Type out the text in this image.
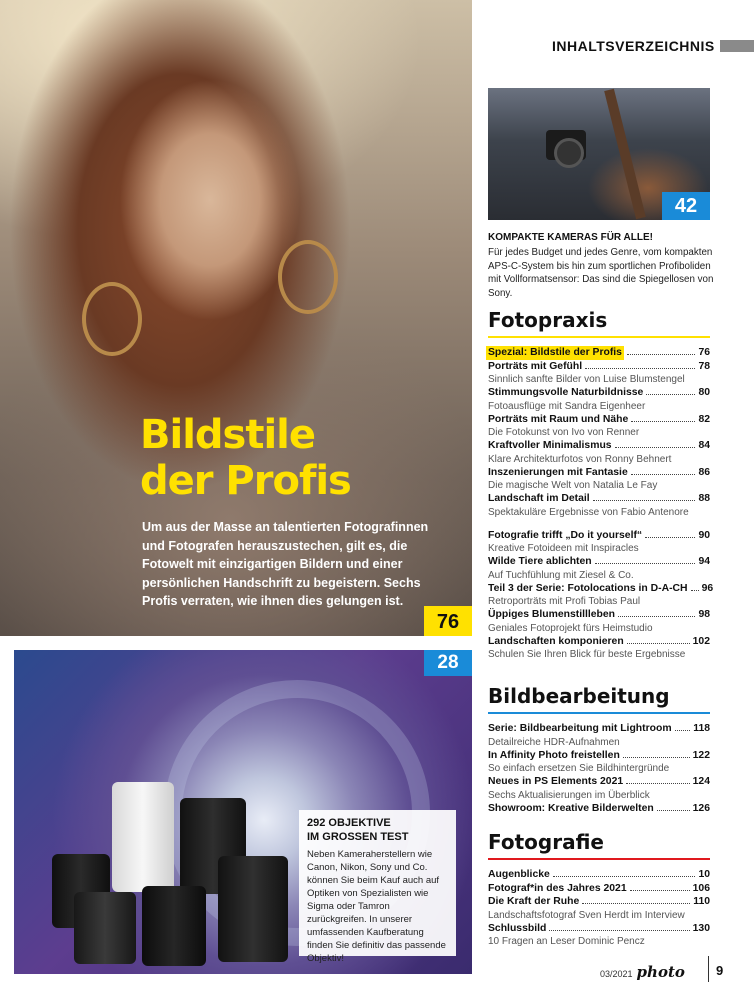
Bildstile
der Profis

Um aus der Masse an talentierten Fotografinnen und Fotografen herauszustechen, gilt es, die Fotowelt mit einzigartigen Bildern und einer persönlichen Handschrift zu begeistern. Sechs Profis verraten, wie ihnen dies gelungen ist.

76
28
292 OBJEKTIVE
IM GROSSEN TEST

Neben Kameraherstellern wie Canon, Nikon, Sony und Co. können Sie beim Kauf auch auf Optiken von Spezialisten wie Sigma oder Tamron zurückgreifen. In unserer umfassenden Kaufberatung finden Sie definitiv das passende Objektiv!

INHALTSVERZEICHNIS
42

KOMPAKTE KAMERAS FÜR ALLE!

Für jedes Budget und jedes Genre, vom kompakten APS-C-System bis hin zum sportlichen Profiboliden mit Vollformatsensor: Das sind die Spiegellosen von Sony.

Fotopraxis
Spezial: Bildstile der Profis	76
Porträts mit Gefühl	78

Sinnlich sanfte Bilder von Luise Blumstengel

Stimmungsvolle Naturbildnisse	80

Fotoausflüge mit Sandra Eigenheer

Porträts mit Raum und Nähe	82

Die Fotokunst von Ivo von Renner

Kraftvoller Minimalismus	84

Klare Architekturfotos von Ronny Behnert

Inszenierungen mit Fantasie	86

Die magische Welt von Natalia Le Fay

Landschaft im Detail	88

Spektakuläre Ergebnisse von Fabio Antenore

Fotografie trifft „Do it yourself“	90

Kreative Fotoideen mit Inspiracles

Wilde Tiere ablichten	94

Auf Tuchfühlung mit Ziesel & Co.

Teil 3 der Serie: Fotolocations in D-A-CH 96

Retroporträts mit Profi Tobias Paul

Üppiges Blumenstillleben	98

Geniales Fotoprojekt fürs Heimstudio

Landschaften komponieren	102

Schulen Sie Ihren Blick für beste Ergebnisse

Bildbearbeitung
Serie: Bildbearbeitung mit Lightroom 118

Detailreiche HDR-Aufnahmen

In Affinity Photo freistellen	122

So einfach ersetzen Sie Bildhintergründe

Neues in PS Elements 2021	124

Sechs Aktualisierungen im Überblick

Showroom: Kreative Bilderwelten	126
Fotografie
Augenblicke	10
Fotograf*in des Jahres 2021	106
Die Kraft der Ruhe	110

Landschaftsfotograf Sven Herdt im Interview

Schlussbild	130

10 Fragen an Leser Dominic Pencz

03/2021 photo 9
